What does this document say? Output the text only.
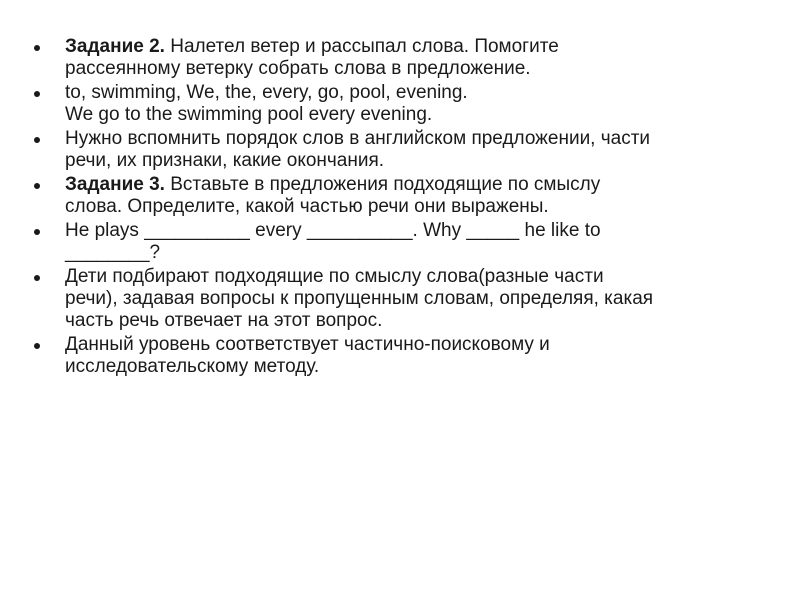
Задание 2. Налетел ветер и рассыпал слова. Помогите
рассеянному ветерку собрать слова в предложение.
to, swimming, We, the, every, go, pool, evening.
We go to the swimming pool every evening.
Нужно вспомнить порядок слов в английском предложении, части
речи, их признаки, какие окончания.
Задание 3. Вставьте в предложения подходящие по смыслу
слова. Определите, какой частью речи они выражены.
He plays __________ every __________. Why _____ he like to
________?
Дети подбирают подходящие по смыслу слова(разные части
речи), задавая вопросы к пропущенным словам, определяя, какая
часть речь отвечает на этот вопрос.
Данный уровень соответствует частично-поисковому и
исследовательскому методу.
